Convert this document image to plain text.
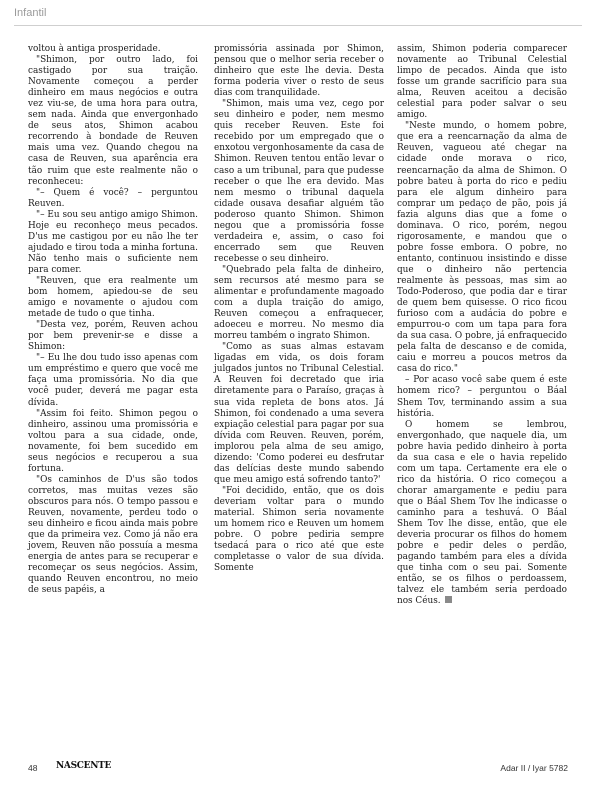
Infantil

voltou à antiga prosperidade.

"Shimon, por outro lado, foi castigado por sua traição. Novamente começou a perder dinheiro em maus negócios e outra vez viu-se, de uma hora para outra, sem nada. Ainda que envergonhado de seus atos, Shimon acabou recorrendo à bondade de Reuven mais uma vez. Quando chegou na casa de Reuven, sua aparência era tão ruim que este realmente não o reconheceu:

"– Quem é você? – perguntou Reuven.

"– Eu sou seu antigo amigo Shimon. Hoje eu reconheço meus pecados. D'us me castigou por eu não lhe ter ajudado e tirou toda a minha fortuna. Não tenho mais o suficiente nem para comer.

"Reuven, que era realmente um bom homem, apiedou-se de seu amigo e novamente o ajudou com metade de tudo o que tinha.

"Desta vez, porém, Reuven achou por bem prevenir-se e disse a Shimon:

"– Eu lhe dou tudo isso apenas com um empréstimo e quero que você me faça uma promissória. No dia que você puder, deverá me pagar esta dívida.

"Assim foi feito. Shimon pegou o dinheiro, assinou uma promissória e voltou para a sua cidade, onde, novamente, foi bem sucedido em seus negócios e recuperou a sua fortuna.

"Os caminhos de D'us são todos corretos, mas muitas vezes são obscuros para nós. O tempo passou e Reuven, novamente, perdeu todo o seu dinheiro e ficou ainda mais pobre que da primeira vez. Como já não era jovem, Reuven não possuía a mesma energia de antes para se recuperar e recomeçar os seus negócios. Assim, quando Reuven encontrou, no meio de seus papéis, a

promissória assinada por Shimon, pensou que o melhor seria receber o dinheiro que este lhe devia. Desta forma poderia viver o resto de seus dias com tranquilidade.

"Shimon, mais uma vez, cego por seu dinheiro e poder, nem mesmo quis receber Reuven. Este foi recebido por um empregado que o enxotou vergonhosamente da casa de Shimon. Reuven tentou então levar o caso a um tribunal, para que pudesse receber o que lhe era devido. Mas nem mesmo o tribunal daquela cidade ousava desafiar alguém tão poderoso quanto Shimon. Shimon negou que a promissória fosse verdadeira e, assim, o caso foi encerrado sem que Reuven recebesse o seu dinheiro.

"Quebrado pela falta de dinheiro, sem recursos até mesmo para se alimentar e profundamente magoado com a dupla traição do amigo, Reuven começou a enfraquecer, adoeceu e morreu. No mesmo dia morreu também o ingrato Shimon.

"Como as suas almas estavam ligadas em vida, os dois foram julgados juntos no Tribunal Celestial. A Reuven foi decretado que iria diretamente para o Paraíso, graças à sua vida repleta de bons atos. Já Shimon, foi condenado a uma severa expiação celestial para pagar por sua dívida com Reuven. Reuven, porém, implorou pela alma de seu amigo, dizendo: 'Como poderei eu desfrutar das delícias deste mundo sabendo que meu amigo está sofrendo tanto?'

"Foi decidido, então, que os dois deveriam voltar para o mundo material. Shimon seria novamente um homem rico e Reuven um homem pobre. O pobre pediria sempre tsedacá para o rico até que este completasse o valor de sua dívida. Somente

assim, Shimon poderia comparecer novamente ao Tribunal Celestial limpo de pecados. Ainda que isto fosse um grande sacrifício para sua alma, Reuven aceitou a decisão celestial para poder salvar o seu amigo.

"Neste mundo, o homem pobre, que era a reencarnação da alma de Reuven, vagueou até chegar na cidade onde morava o rico, reencarnação da alma de Shimon. O pobre bateu à porta do rico e pediu para ele algum dinheiro para comprar um pedaço de pão, pois já fazia alguns dias que a fome o dominava. O rico, porém, negou rigorosamente, e mandou que o pobre fosse embora. O pobre, no entanto, continuou insistindo e disse que o dinheiro não pertencia realmente às pessoas, mas sim ao Todo-Poderoso, que podia dar e tirar de quem bem quisesse. O rico ficou furioso com a audácia do pobre e empurrou-o com um tapa para fora da sua casa. O pobre, já enfraquecido pela falta de descanso e de comida, caiu e morreu a poucos metros da casa do rico."

– Por acaso você sabe quem é este homem rico? – perguntou o Báal Shem Tov, terminando assim a sua história.

O homem se lembrou, envergonhado, que naquele dia, um pobre havia pedido dinheiro à porta da sua casa e ele o havia repelido com um tapa. Certamente era ele o rico da história. O rico começou a chorar amargamente e pediu para que o Báal Shem Tov lhe indicasse o caminho para a teshuvá. O Báal Shem Tov lhe disse, então, que ele deveria procurar os filhos do homem pobre e pedir deles o perdão, pagando também para eles a dívida que tinha com o seu pai. Somente então, se os filhos o perdoassem, talvez ele também seria perdoado nos Céus.

48 NASCENTE	Adar II / Iyar 5782
